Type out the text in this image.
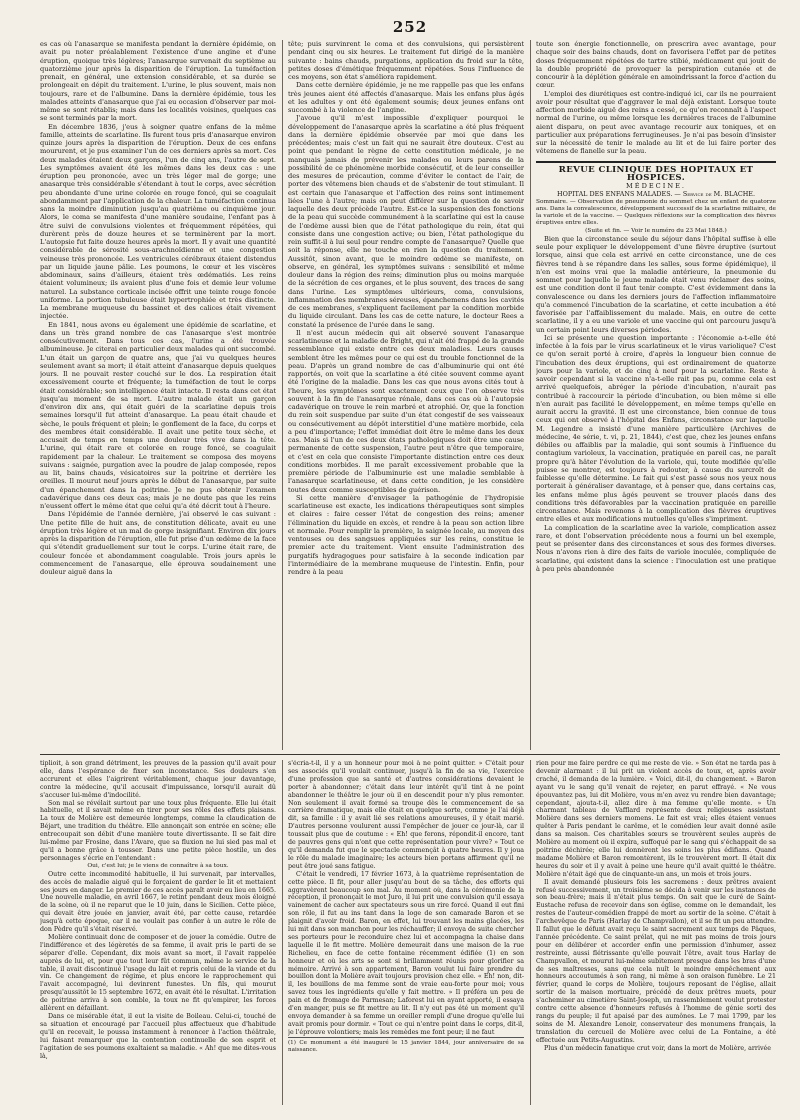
252

es cas où l'anasarque se manifesta pendant la dernière épidémie, on avait pu noter préalablement l'existence d'une angine et d'une éruption, quoique très légères; l'anasarque survenait du septième au quatorzième jour après la disparition de l'éruption. La tuméfaction prenait, en général, une extension considérable, et sa durée se prolongeait en dépit du traitement. L'urine, le plus souvent, mais non toujours, rare et de l'albumine. Dans la dernière épidémie, tous les malades atteints d'anasarque que j'ai eu occasion d'observer par moi-même se sont rétablis; mais dans les localités voisines, quelques cas se sont terminés par la mort.

En décembre 1836, j'eus à soigner quatre enfans de la même famille, atteints de scarlatine. Ils furent tous pris d'anasarque environ quinze jours après la disparition de l'éruption. Deux de ces enfans moururent, et je pus examiner l'un de ces derniers après sa mort. Ces deux malades étaient deux garçons, l'un de cinq ans, l'autre de sept. Les symptômes avaient été les mêmes dans les deux cas : une éruption peu prononcée, avec un très léger mal de gorge; une anasarque très considérable s'étendant à tout le corps, avec sécrétion peu abondante d'une urine colorée en rouge foncé, qui se coagulait abondamment par l'application de la chaleur. La tuméfaction continua sans la moindre diminution jusqu'au quatrième ou cinquième jour. Alors, le coma se manifesta d'une manière soudaine, l'enfant pas à être suivi de convulsions violentes et fréquemment répétées, qui durèrent près de douze heures et se terminèrent par la mort. L'autopsie fut faite douze heures après la mort. Il y avait une quantité considérable de sérosité sous-arachnoïdienne et une congestion veineuse très prononcée. Les ventricules cérébraux étaient distendus par un liquide jaune pâlie. Les poumons, le cœur et les viscères abdominaux, sains d'ailleurs, étaient très œdématiés. Les reins étaient volumineux; ils avaient plus d'une fois et demie leur volume naturel. La substance corticale incisée offrit une teinte rouge foncée uniforme. La portion tubuleuse était hypertrophiée et très distincte. La membrane muqueuse du bassinet et des calices était vivement injectée.

En 1841, nous avons eu également une épidémie de scarlatine, et dans un très grand nombre de cas l'anasarque s'est montrée consécutivement. Dans tous ces cas, l'urine a été trouvée albumineuse. Je citerai en particulier deux malades qui ont succombé. L'un était un garçon de quatre ans, que j'ai vu quelques heures seulement avant sa mort; il était atteint d'anasarque depuis quelques jours. Il ne pouvait rester couché sur le dos. La respiration était excessivement courte et fréquente; la tuméfaction de tout le corps était considérable; son intelligence était intacte. Il resta dans cet état jusqu'au moment de sa mort. L'autre malade était un garçon d'environ dix ans, qui était guéri de la scarlatine depuis trois semaines lorsqu'il fut atteint d'anasarque. La peau était chaude et sèche, le pouls fréquent et plein; le gonflement de la face, du corps et des membres était considérable. Il avait une petite toux sèche, et accusait de temps en temps une douleur très vive dans la tête. L'urine, qui était rare et colorée en rouge foncé, se coagulait rapidement par la chaleur. Le traitement se composa des moyens suivans : saignée, purgation avec la poudre de jalap composée, repos au lit, bains chauds, vésicatoires sur la poitrine et derrière les oreilles. Il mourut neuf jours après le début de l'anasarque, par suite d'un épanchement dans la poitrine. Je ne pus obtenir l'examen cadavérique dans ces deux cas; mais je ne doute pas que les reins n'eussent offert le même état que celui qu'a été décrit tout à l'heure.

Dans l'épidémie de l'année dernière, j'ai observé le cas suivant : Une petite fille de huit ans, de constitution délicate, avait eu une éruption très légère et un mal de gorge insignifiant. Environ dix jours après la disparition de l'éruption, elle fut prise d'un œdème de la face qui s'étendit graduellement sur tout le corps. L'urine était rare, de couleur foncée et abondamment coagulable. Trois jours après le commencement de l'anasarque, elle éprouva soudainement une douleur aiguë dans la

tête; puis survinrent le coma et des convulsions, qui persistèrent pendant cinq ou six heures. Le traitement fut dirigé de la manière suivante : bains chauds, purgations, application du froid sur la tête, petites doses d'émétique fréquemment répétées. Sous l'influence de ces moyens, son état s'améliora rapidement.

Dans cette dernière épidémie, je ne me rappelle pas que les enfans très jeunes aient été affectés d'anasarque. Mais les enfans plus âgés et les adultes y ont été également soumis; deux jeunes enfans ont succombé à la violence de l'angine.

J'avoue qu'il m'est impossible d'expliquer pourquoi le développement de l'anasarque après la scarlatine a été plus fréquent dans la dernière épidémie observée par moi que dans les précédentes; mais c'est un fait qui ne saurait être douteux. C'est au point que pendant le règne de cette constitution médicale, je ne manquais jamais de prévenir les malades ou leurs parens de la possibilité de ce phénomène morbide consécutif, et de leur conseiller des mesures de précaution, comme d'éviter le contact de l'air, de porter des vêtemens bien chauds et de s'abstenir de tout stimulant. Il est certain que l'anasarque et l'affection des reins sont intimement liées l'une à l'autre; mais on peut différer sur la question de savoir laquelle des deux précède l'autre. Est-ce la suspension des fonctions de la peau qui succède communément à la scarlatine qui est la cause de l'œdème aussi bien que de l'état pathologique du rein, état qui consiste dans une congestion active; ou bien, l'état pathologique du rein suffit-il à lui seul pour rendre compte de l'anasarque? Quelle que soit la réponse, elle ne touche en rien la question du traitement. Aussitôt, sinon avant, que le moindre œdème se manifeste, on observe, en général, les symptômes suivans : sensibilité et même douleur dans la région des reins; diminution plus ou moins marquée de la sécrétion de ces organes, et le plus souvent, des traces de sang dans l'urine. Les symptômes ultérieurs, coma, convulsions, inflammation des membranes séreuses, épanchemens dans les cavités de ces membranes, s'expliquent facilement par la condition morbide du liquide circulant. Dans les cas de cette nature, le docteur Rees a constaté la présence de l'urée dans le sang.

Il n'est aucun médecin qui ait observé souvent l'anasarque scarlatineuse et la maladie de Bright, qui n'ait été frappé de la grande ressemblance qui existe entre ces deux maladies. Leurs causes semblent être les mêmes pour ce qui est du trouble fonctionnel de la peau. D'après un grand nombre de cas d'albuminurie qui ont été rapportés, on voit que la scarlatine a été citée souvent comme ayant été l'origine de la maladie. Dans les cas que nous avons cités tout à l'heure, les symptômes sont exactement ceux que l'on observe très souvent à la fin de l'anasarque rénale, dans ces cas où à l'autopsie cadavérique on trouve le rein marbré et atrophié. Or, que la fonction du rein soit suspendue par suite d'un état congestif de ses vaisseaux ou consécutivement au dépôt interstitiel d'une matière morbide, cela a peu d'importance; l'effet immédiat doit être le même dans les deux cas. Mais si l'un de ces deux états pathologiques doit être une cause permanente de cette suspension, l'autre peut n'être que temporaire, et c'est en cela que consiste l'importante distinction entre ces deux conditions morbides. Il me paraît excessivement probable que la première période de l'albuminurie est une maladie semblable à l'anasarque scarlatineuse, et dans cette condition, je les considère toutes deux comme susceptibles de guérison.

Si cette manière d'envisager la pathogénie de l'hydropisie scarlatineuse est exacte, les indications thérapeutiques sont simples et claires : faire cesser l'état de congestion des reins; amener l'élimination du liquide en excès, et rendre à la peau son action libre et normale. Pour remplir la première, la saignée locale, au moyen des ventouses ou des sangsues appliquées sur les reins, constitue le premier acte du traitement. Vient ensuite l'administration des purgatifs hydragogues pour satisfaire à la seconde indication par l'intermédiaire de la membrane muqueuse de l'intestin. Enfin, pour rendre à la peau

toute son énergie fonctionnelle, on prescrira avec avantage, pour chaque soir des bains chauds, dont on favorisera l'effet par de petites doses fréquemment répétées de tartre stibié, médicament qui jouit de la double propriété de provoquer la perspiration cutanée et de concourir à la déplétion générale en amoindrissant la force d'action du cœur.

L'emploi des diurétiques est contre-indiqué ici, car ils ne pourraient avoir pour résultat que d'aggraver le mal déjà existant. Lorsque toute affection morbide aiguë des reins a cessé, ce qu'on reconnaît à l'aspect normal de l'urine, ou même lorsque les dernières traces de l'albumine aient disparu, on peut avec avantage recourir aux toniques, et en particulier aux préparations ferrugineuses. Je n'ai pas besoin d'insister sur la nécessité de tenir le malade au lit et de lui faire porter des vêtemens de flanelle sur la peau.

REVUE CLINIQUE DES HOPITAUX ET HOSPICES.

MÉDECINE.

HOPITAL DES ENFANS MALADES. — Service de M. BLACHE.

Sommaire. — Observation de pneumonie du sommet chez un enfant de quatorze ans. Dans la convalescence, développement successif de la scarlatine miliaire, de la variole et de la vaccine. — Quelques réflexions sur la complication des fièvres éruptives entre elles.

(Suite et fin. — Voir le numéro du 23 Mai 1848.)

Bien que la circonstance seule du séjour dans l'hôpital suffise à elle seule pour expliquer le développement d'une fièvre éruptive (surtout lorsque, ainsi que cela est arrivé en cette circonstance, une de ces fièvres tend à se répandre dans les salles, sous forme épidémique), il n'en est moins vrai que la maladie antérieure, la pneumonie du sommet pour laquelle le jeune malade était venu réclamer des soins, est une condition dont il faut tenir compte. C'est évidemment dans la convalescence ou dans les derniers jours de l'affection inflammatoire qu'a commencé l'incubation de la scarlatine, et cette incubation a été favorisée par l'affaiblissement du malade. Mais, en outre de cette scarlatine, il y a eu une variole et une vaccine qui ont parcouru jusqu'à un certain point leurs diverses périodes.

Ici se présente une question importante : l'économie a-t-elle été infectée à la fois par le virus scarlatineux et le virus variolique? C'est ce qu'on serait porté à croire, d'après la longueur bien connue de l'incubation des deux éruptions, qui est ordinairement de quatorze jours pour la variole, et de cinq à neuf pour la scarlatine. Reste à savoir cependant si la vaccine n'a-t-elle rait pas pu, comme cela est arrivé quelquefois, abréger la période d'incubation, n'aurait pas contribué à raccourcir la période d'incubation, ou bien même si elle n'en aurait pas facilité le développement, en même temps qu'elle en aurait accru la gravité. Il est une circonstance, bien connue de tous ceux qui ont observé à l'hôpital des Enfans, circonstance sur laquelle M. Legendre a insisté d'une manière particulière (Archives de médecine, 4e série, t. vi, p. 21, 1844), c'est que, chez les jeunes enfans débiles ou affaiblis par la maladie, qui sont soumis à l'influence du contagium varioleux, la vaccination, pratiquée en pareil cas, ne paraît propre qu'à hâter l'évolution de la variole, qui, toute modifiée qu'elle puisse se montrer, est toujours à redouter, à cause du surcroît de faiblesse qu'elle détermine. Le fait qui s'est passé sous nos yeux nous porterait à généraliser davantage, et à penser que, dans certains cas, les enfans même plus âgés peuvent se trouver placés dans des conditions très défavorables par la vaccination pratiquée en pareille circonstance. Mais revenons à la complication des fièvres éruptives entre elles et aux modifications mutuelles qu'elles s'impriment.

La complication de la scarlatine avec la variole, complication assez rare, et dont l'observation précédente nous a fourni un bel exemple, peut se présenter dans des circonstances et sous des formes diverses. Nous n'avons rien à dire des faits de variole inoculée, compliquée de scarlatine, qui existent dans la science : l'inoculation est une pratique à peu près abandonnée

tiplioit, à son grand détriment, les preuves de la passion qu'il avait pour elle, dans l'espérance de fixer son inconstance. Ses douleurs s'en accrurent et elles l'aigrirent véritablement, chaque jour davantage, contre la médecine, qu'il accusait d'impuissance, lorsqu'il aurait dû s'accuser lui-même d'indocilité.

Son mal se révélait surtout par une toux plus fréquente. Elle lui était habituelle, et il savait même en tirer pour ses rôles des effets plaisans. La toux de Molière est demeurée longtemps, comme la claudication de Béjart, une tradition du théâtre. Elle annonçait son entrée en scène; elle entrecoupait son débit d'une manière toute divertissante. Il se fait dire lui-même par Frosine, dans l'Avare, que sa fluxion ne lui sied pas mal et qu'il a bonne grâce à tousser. Dans une petite pièce hostile, un des personnages s'écrie en l'entendant :

Oui, c'est lui; je le viens de connaître à sa toux.

Outre cette incommodité habituelle, il lui survenait, par intervalles, des accès de maladie aiguë qui le forçaient de garder le lit et mettaient ses jours en danger. Le premier de ces accès paraît avoir eu lieu en 1665. Une nouvelle maladie, en avril 1667, le retint pendant deux mois éloigné de la scène, où il ne reparut que le 10 juin, dans le Sicilien. Cette pièce, qui devait être jouée en janvier, avait été, par cette cause, retardée jusqu'à cette époque, car il ne voulait pas confier à un autre le rôle de don Pèdre qu'il s'était réservé.

Molière continuait donc de composer et de jouer la comédie. Outre de l'indifférence et des légèretés de sa femme, il avait pris le parti de se séparer d'elle. Cependant, dix mois avant sa mort, il l'avait rappelée auprès de lui, et, pour que tout leur fût commun, même le service de la table, il avait discontinué l'usage du lait et repris celui de la viande et du vin. Ce changement de régime, et plus encore le rapprochement qui l'avait accompagné, lui devinrent funestes. Un fils, qui mourut presqu'aussitôt le 15 septembre 1672, en avait été le résultat. L'irritation de poitrine arriva à son comble, la toux ne fit qu'empirer, les forces allèrent en défaillant.

Dans ce misérable état, il eut la visite de Boileau. Celui-ci, touché de sa situation et encouragé par l'accueil plus affectueux que d'habitude qu'il en recevait, le poussa instamment à renoncer à l'action théâtrale, lui faisant remarquer que la contention continuelle de son esprit et l'agitation de ses poumons exaltaient sa maladie. « Ah! que me dites-vous là,

s'écria-t-il, il y a un honneur pour moi à ne point quitter. » C'était pour ses associés qu'il voulait continuer, jusqu'à la fin de sa vie, l'exercice d'une profession que sa santé et d'autres considérations devaient le porter à abandonner; c'était dans leur intérêt qu'il tint à ne point abandonner le théâtre le jour où il en descendit pour n'y plus remonter. Non seulement il avait formé sa troupe dès le commencement de sa carrière dramatique, mais elle était en quelque sorte, comme je l'ai déjà dit, sa famille : il y avait lié ses relations amoureuses, il y était marié. D'autres personne voulurent aussi l'empêcher de jouer ce jour-là, car il toussait plus que de coutume : « Eh! que ferons, répondit-il encore, tant de pauvres gens qui n'ont que cette représentation pour vivre? » Tout ce qu'il demanda fut que le spectacle commençât à quatre heures. Il y joua le rôle du malade imaginaire; les acteurs bien portans affirment qu'il ne peut être joué sans fatigue.

C'était le vendredi, 17 février 1673, à la quatrième représentation de cette pièce. Il fit, pour aller jusqu'au bout de sa tâche, des efforts qui aggravèrent beaucoup son mal. Au moment où, dans la cérémonie de la réception, il prononçait le mot Juro, il lui prit une convulsion qu'il essaya vainement de cacher aux spectateurs sous un rire forcé. Quand il eut fini son rôle, il fut au ins tant dans la loge de son camarade Baron et se plaignit d'avoir froid. Baron, en effet, lui trouvant les mains glacées, les lui mit dans son manchon pour les réchauffer; il envoya de suite chercher ses porteurs pour le reconduire chez lui et accompagna la chaise dans laquelle il le fit mettre. Molière demeurait dans une maison de la rue Richelieu, en face de cette fontaine récemment édifiée (1) en son honneur et où les arts se sont si brillamment réunis pour glorifier sa mémoire. Arrivé à son appartement, Baron voulut lui faire prendre du bouillon dont la Molière avait toujours provision chez elle. « Eh! non, dit-il, les bouillons de ma femme sont de vraie eau-forte pour moi; vous savez tous les ingrédients qu'elle y fait mettre. » Il préféra un peu de pain et de fromage de Parmesan; Laforest lui en ayant apporté, il essaya d'en manger, puis se fit mettre au lit. Il n'y eut pas été un moment qu'il envoya demander à sa femme un oreiller rempli d'une drogue qu'elle lui avait promis pour dormir. « Tout ce qui n'entre point dans le corps, dit-il, je l'éprouve volontiers; mais les remèdes me font peur; il ne faut

(1) Ce monument a été inauguré le 15 janvier 1844, jour anniversaire de sa naissance.

rien pour me faire perdre ce qui me reste de vie. » Son état ne tarda pas à devenir alarmant : il lui prit un violent accès de toux, et, après avoir craché, il demanda de la lumière. « Voici, dit-il, du changement. » Baron ayant vu le sang qu'il venait de rejeter, en parut effrayé. « Ne vous épouvantez pas, lui dit Molière, vous m'en avez vu rendre bien davantage; cependant, ajouta-t-il, allez dire à ma femme qu'elle monte. » Un charmant tableau de Vafflard représente deux religieuses assistant Molière dans ses derniers momens. Le fait est vrai; elles étaient venues quêter à Paris pendant le carême, et le comédien leur avait donné asile dans sa maison. Ces charitables sœurs se trouvèrent seules auprès de Molière au moment où il expira, suffoqué par le sang qui s'échappait de sa poitrine déchirée; elle lui donnèrent les soins les plus édifians. Quand madame Molière et Baron remontèrent, ils le trouvèrent mort. Il était dix heures du soir et il y avait à peine une heure qu'il avait quitté le théâtre. Molière n'était âgé que de cinquante-un ans, un mois et trois jours.

Il avait demandé plusieurs fois les sacremens : deux prêtres avaient refusé successivement, un troisième se décida à venir sur les instances de son beau-frère; mais il n'était plus temps. On sait que le curé de Saint-Eustache refusa de recevoir dans son église, comme on le demandait, les restes de l'auteur-comédien frappé de mort au sortir de la scène. C'était à l'archevêque de Paris (Harlay de Champvallon), et il se fit un peu attendre. Il fallut que le défunt avait reçu le saint sacrement aux temps de Pâques, l'année précédente. Ce saint prélat, qui ne mit pas moins de trois jours pour en délibérer et accorder enfin une permission d'inhumer, assez restreinte, aussi flétrissante qu'elle pouvait l'être, avait tous Harlay de Champvallon, et mourut lui-même subitement presque dans les bras d'une de ses maîtresses, sans que cela nuît le moindre empêchement aux honneurs accoutumés à son rang, ni même à son oraison funèbre. Le 21 février, quand le corps de Molière, toujours reposant de l'église, allait sortir de la maison mortuaire, précédé de deux prêtres muets, pour s'acheminer au cimetière Saint-Joseph, un rassemblement voulut protester contre cette absence d'honneurs refusés à l'homme de génie sorti des rangs du peuple; il fut apaisé par des aumônes. Le 7 mai 1799, par les soins de M. Alexandre Lenoir, conservateur des monumens français, la translation du cercueil de Molière avec celui de La Fontaine, a été effectuée aux Petits-Augustins.

Plus d'un médecin fanatique crut voir, dans la mort de Molière, arrivée
